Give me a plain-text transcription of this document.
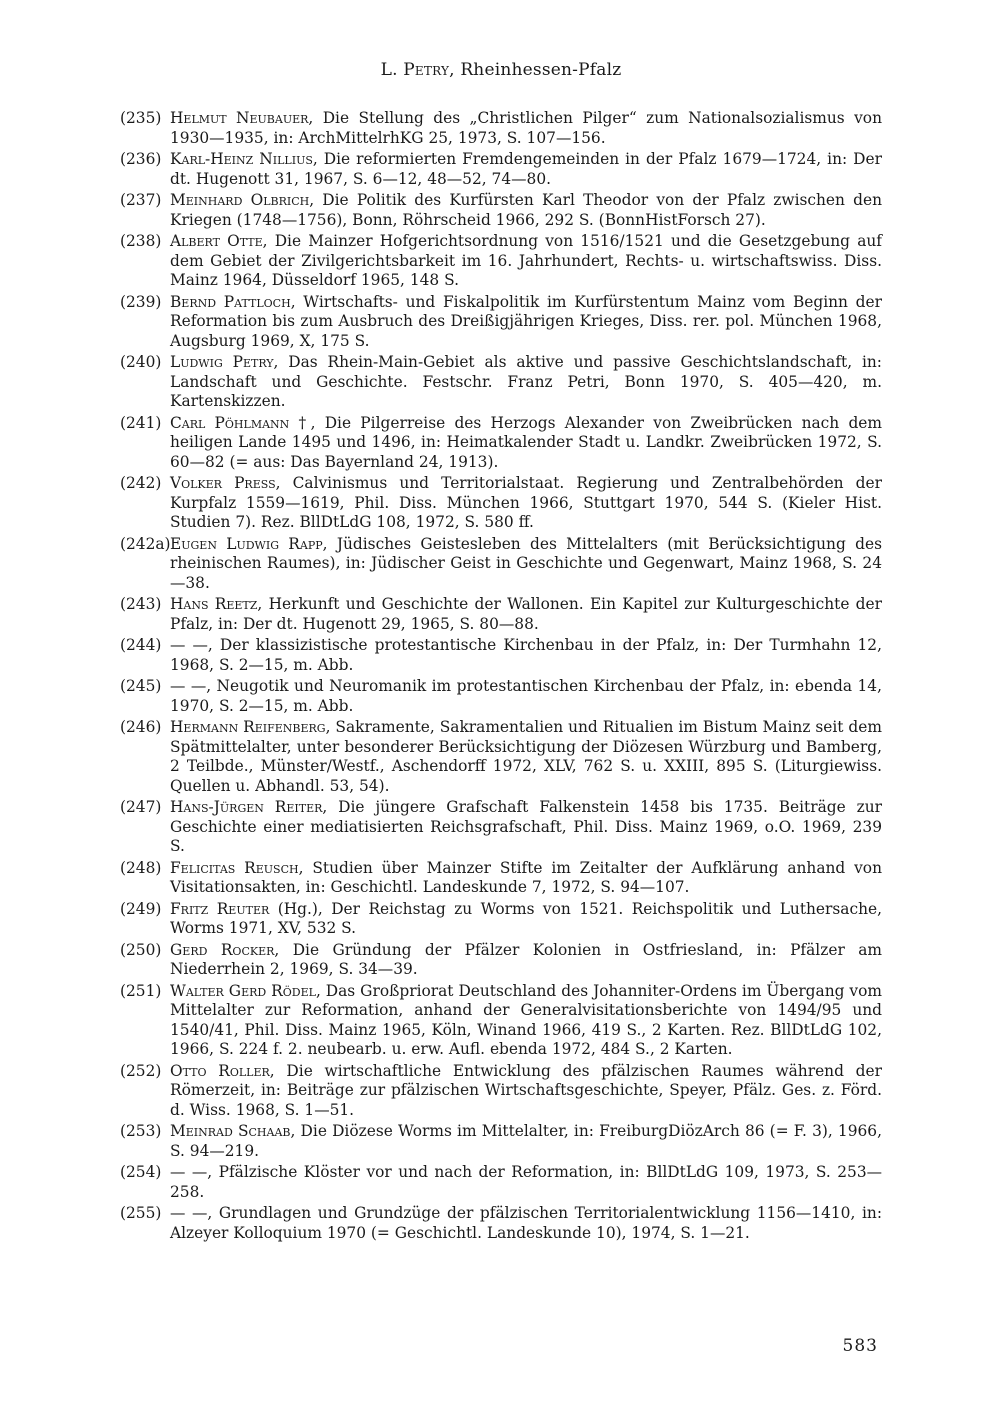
L. Petry, Rheinhessen-Pfalz

(235) Helmut Neubauer, Die Stellung des „Christlichen Pilger“ zum Nationalsozialismus von 1930—1935, in: ArchMittelrhKG 25, 1973, S. 107—156.

(236) Karl-Heinz Nillius, Die reformierten Fremdengemeinden in der Pfalz 1679—1724, in: Der dt. Hugenott 31, 1967, S. 6—12, 48—52, 74—80.

(237) Meinhard Olbrich, Die Politik des Kurfürsten Karl Theodor von der Pfalz zwischen den Kriegen (1748—1756), Bonn, Röhrscheid 1966, 292 S. (BonnHistForsch 27).

(238) Albert Otte, Die Mainzer Hofgerichtsordnung von 1516/1521 und die Gesetzgebung auf dem Gebiet der Zivilgerichtsbarkeit im 16. Jahrhundert, Rechts- u. wirtschaftswiss. Diss. Mainz 1964, Düsseldorf 1965, 148 S.

(239) Bernd Pattloch, Wirtschafts- und Fiskalpolitik im Kurfürstentum Mainz vom Beginn der Reformation bis zum Ausbruch des Dreißigjährigen Krieges, Diss. rer. pol. München 1968, Augsburg 1969, X, 175 S.

(240) Ludwig Petry, Das Rhein-Main-Gebiet als aktive und passive Geschichtslandschaft, in: Landschaft und Geschichte. Festschr. Franz Petri, Bonn 1970, S. 405—420, m. Kartenskizzen.

(241) Carl Pöhlmann †, Die Pilgerreise des Herzogs Alexander von Zweibrücken nach dem heiligen Lande 1495 und 1496, in: Heimatkalender Stadt u. Landkr. Zweibrücken 1972, S. 60—82 (= aus: Das Bayernland 24, 1913).

(242) Volker Press, Calvinismus und Territorialstaat. Regierung und Zentralbehörden der Kurpfalz 1559—1619, Phil. Diss. München 1966, Stuttgart 1970, 544 S. (Kieler Hist. Studien 7). Rez. BllDtLdG 108, 1972, S. 580 ff.

(242a) Eugen Ludwig Rapp, Jüdisches Geistesleben des Mittelalters (mit Berücksichtigung des rheinischen Raumes), in: Jüdischer Geist in Geschichte und Gegenwart, Mainz 1968, S. 24—38.

(243) Hans Reetz, Herkunft und Geschichte der Wallonen. Ein Kapitel zur Kulturgeschichte der Pfalz, in: Der dt. Hugenott 29, 1965, S. 80—88.

(244) — —, Der klassizistische protestantische Kirchenbau in der Pfalz, in: Der Turmhahn 12, 1968, S. 2—15, m. Abb.

(245) — —, Neugotik und Neuromanik im protestantischen Kirchenbau der Pfalz, in: ebenda 14, 1970, S. 2—15, m. Abb.

(246) Hermann Reifenberg, Sakramente, Sakramentalien und Ritualien im Bistum Mainz seit dem Spätmittelalter, unter besonderer Berücksichtigung der Diözesen Würzburg und Bamberg, 2 Teilbde., Münster/Westf., Aschendorff 1972, XLV, 762 S. u. XXIII, 895 S. (Liturgiewiss. Quellen u. Abhandl. 53, 54).

(247) Hans-Jürgen Reiter, Die jüngere Grafschaft Falkenstein 1458 bis 1735. Beiträge zur Geschichte einer mediatisierten Reichsgrafschaft, Phil. Diss. Mainz 1969, o.O. 1969, 239 S.

(248) Felicitas Reusch, Studien über Mainzer Stifte im Zeitalter der Aufklärung anhand von Visitationsakten, in: Geschichtl. Landeskunde 7, 1972, S. 94—107.

(249) Fritz Reuter (Hg.), Der Reichstag zu Worms von 1521. Reichspolitik und Luthersache, Worms 1971, XV, 532 S.

(250) Gerd Rocker, Die Gründung der Pfälzer Kolonien in Ostfriesland, in: Pfälzer am Niederrhein 2, 1969, S. 34—39.

(251) Walter Gerd Rödel, Das Großpriorat Deutschland des Johanniter-Ordens im Übergang vom Mittelalter zur Reformation, anhand der Generalvisitationsberichte von 1494/95 und 1540/41, Phil. Diss. Mainz 1965, Köln, Winand 1966, 419 S., 2 Karten. Rez. BllDtLdG 102, 1966, S. 224 f. 2. neubearb. u. erw. Aufl. ebenda 1972, 484 S., 2 Karten.

(252) Otto Roller, Die wirtschaftliche Entwicklung des pfälzischen Raumes während der Römerzeit, in: Beiträge zur pfälzischen Wirtschaftsgeschichte, Speyer, Pfälz. Ges. z. Förd. d. Wiss. 1968, S. 1—51.

(253) Meinrad Schaab, Die Diözese Worms im Mittelalter, in: FreiburgDiözArch 86 (= F. 3), 1966, S. 94—219.

(254) — —, Pfälzische Klöster vor und nach der Reformation, in: BllDtLdG 109, 1973, S. 253—258.

(255) — —, Grundlagen und Grundzüge der pfälzischen Territorialentwicklung 1156—1410, in: Alzeyer Kolloquium 1970 (= Geschichtl. Landeskunde 10), 1974, S. 1—21.

583
